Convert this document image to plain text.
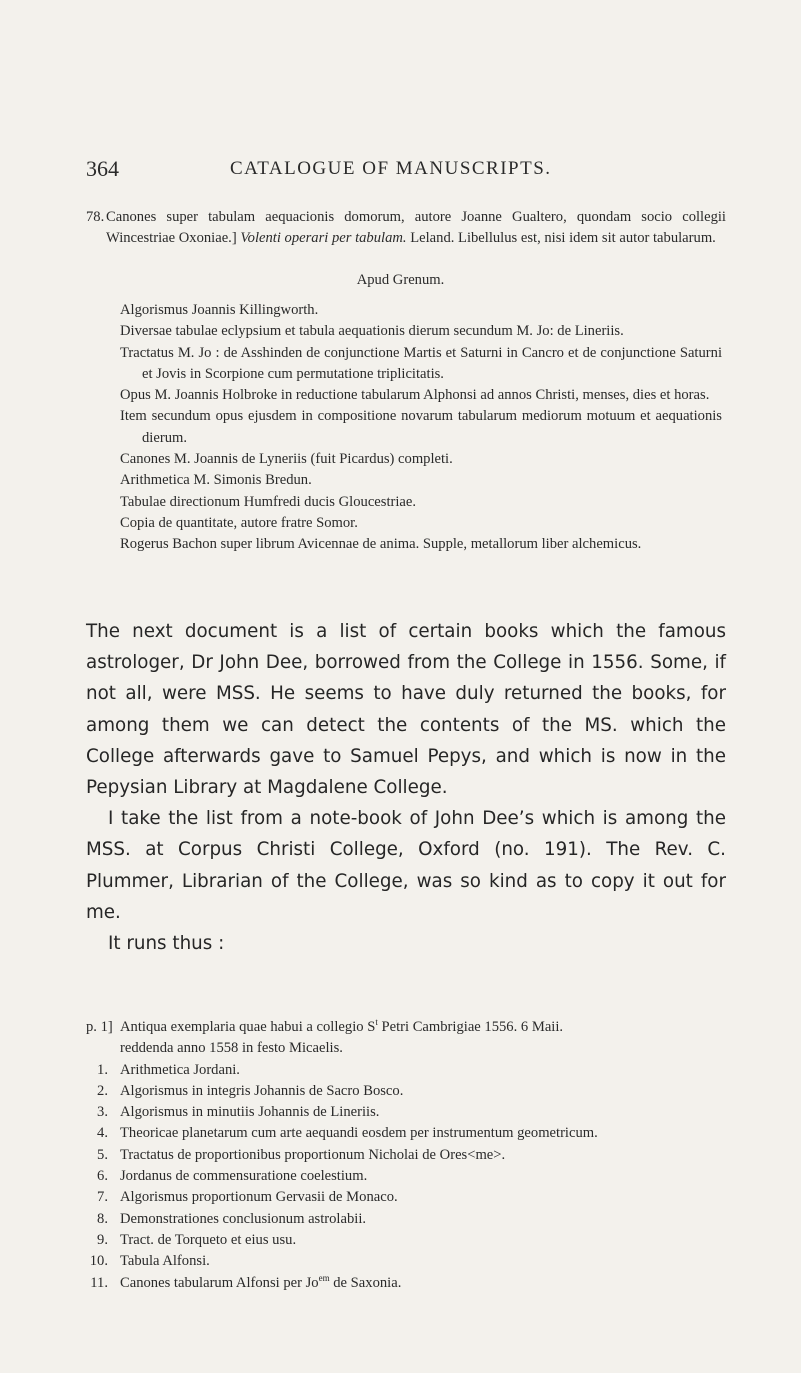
364	CATALOGUE OF MANUSCRIPTS.
78. Canones super tabulam aequacionis domorum, autore Joanne Gualtero, quondam socio collegii Wincestriae Oxoniae.] Volenti operari per tabulam. Leland. Libellulus est, nisi idem sit autor tabularum.
Apud Grenum.
Algorismus Joannis Killingworth.
Diversae tabulae eclypsium et tabula aequationis dierum secundum M. Jo: de Lineriis.
Tractatus M. Jo : de Asshinden de conjunctione Martis et Saturni in Cancro et de conjunctione Saturni et Jovis in Scorpione cum permutatione triplicitatis.
Opus M. Joannis Holbroke in reductione tabularum Alphonsi ad annos Christi, menses, dies et horas.
Item secundum opus ejusdem in compositione novarum tabularum mediorum motuum et aequationis dierum.
Canones M. Joannis de Lyneriis (fuit Picardus) completi.
Arithmetica M. Simonis Bredun.
Tabulae directionum Humfredi ducis Gloucestriae.
Copia de quantitate, autore fratre Somor.
Rogerus Bachon super librum Avicennae de anima. Supple, metallorum liber alchemicus.

The next document is a list of certain books which the famous astrologer, Dr John Dee, borrowed from the College in 1556. Some, if not all, were MSS. He seems to have duly returned the books, for among them we can detect the contents of the MS. which the College afterwards gave to Samuel Pepys, and which is now in the Pepysian Library at Magdalene College.

I take the list from a note-book of John Dee’s which is among the MSS. at Corpus Christi College, Oxford (no. 191). The Rev. C. Plummer, Librarian of the College, was so kind as to copy it out for me.

It runs thus :

p. 1] Antiqua exemplaria quae habui a collegio $S^t$ Petri Cambrigiae 1556. 6 Maii.
reddenda anno 1558 in festo Micaelis.
1. Arithmetica Jordani.
2. Algorismus in integris Johannis de Sacro Bosco.
3. Algorismus in minutiis Johannis de Lineriis.
4. Theoricae planetarum cum arte aequandi eosdem per instrumentum geometricum.
5. Tractatus de proportionibus proportionum Nicholai de Ores<me>.
6. Jordanus de commensuratione coelestium.
7. Algorismus proportionum Gervasii de Monaco.
8. Demonstrationes conclusionum astrolabii.
9. Tract. de Torqueto et eius usu.
10. Tabula Alfonsi.
11. Canones tabularum Alfonsi per $Jo^{em}$ de Saxonia.
